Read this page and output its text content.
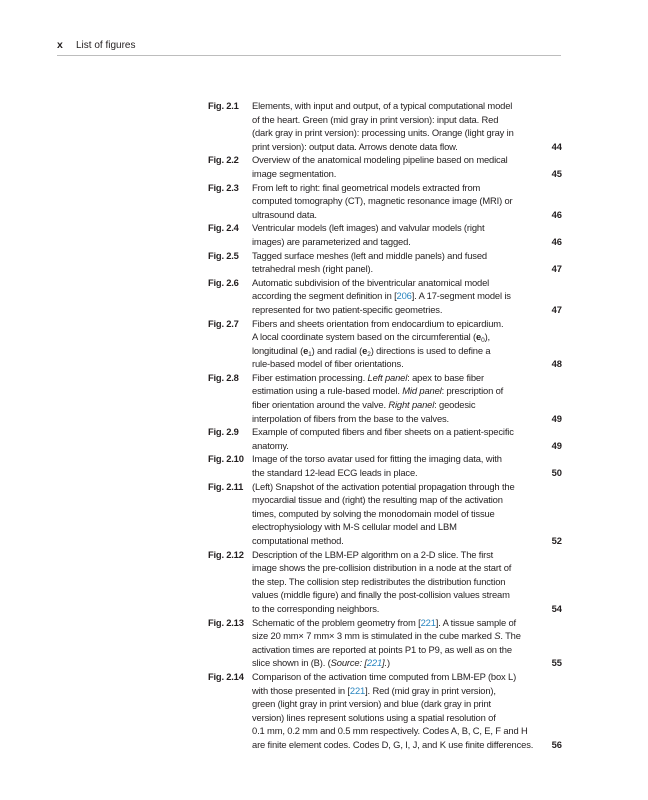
x List of figures
Fig. 2.1	Elements, with input and output, of a typical computational model
of the heart. Green (mid gray in print version): input data. Red
(dark gray in print version): processing units. Orange (light gray in
print version): output data. Arrows denote data flow.	44
Fig. 2.2	Overview of the anatomical modeling pipeline based on medical
image segmentation.	45
Fig. 2.3	From left to right: final geometrical models extracted from
computed tomography (CT), magnetic resonance image (MRI) or
ultrasound data.	46
Fig. 2.4	Ventricular models (left images) and valvular models (right
images) are parameterized and tagged.	46
Fig. 2.5	Tagged surface meshes (left and middle panels) and fused
tetrahedral mesh (right panel).	47
Fig. 2.6	Automatic subdivision of the biventricular anatomical model
according the segment definition in [206]. A 17-segment model is
represented for two patient-specific geometries.	47
Fig. 2.7	Fibers and sheets orientation from endocardium to epicardium.
A local coordinate system based on the circumferential $(e_0)$,
longitudinal $(e_1)$ and radial $(e_2)$ directions is used to define a
rule-based model of fiber orientations.	48
Fig. 2.8	Fiber estimation processing. Left panel: apex to base fiber
estimation using a rule-based model. Mid panel: prescription of
fiber orientation around the valve. Right panel: geodesic
interpolation of fibers from the base to the valves.	49
Fig. 2.9	Example of computed fibers and fiber sheets on a patient-specific
anatomy.	49
Fig. 2.10 Image of the torso avatar used for fitting the imaging data, with
the standard 12-lead ECG leads in place.	50
Fig. 2.11 (Left) Snapshot of the activation potential propagation through the
myocardial tissue and (right) the resulting map of the activation
times, computed by solving the monodomain model of tissue
electrophysiology with M-S cellular model and LBM
computational method.	52
Fig. 2.12 Description of the LBM-EP algorithm on a 2-D slice. The first
image shows the pre-collision distribution in a node at the start of
the step. The collision step redistributes the distribution function
values (middle figure) and finally the post-collision values stream
to the corresponding neighbors.	54
Fig. 2.13 Schematic of the problem geometry from [221]. A tissue sample of
size 20 mm× 7 mm× 3 mm is stimulated in the cube marked S. The
activation times are reported at points P1 to P9, as well as on the
slice shown in (B). (Source: [221].)	55
Fig. 2.14 Comparison of the activation time computed from LBM-EP (box L)
with those presented in [221]. Red (mid gray in print version),
green (light gray in print version) and blue (dark gray in print
version) lines represent solutions using a spatial resolution of
0.1 mm, 0.2 mm and 0.5 mm respectively. Codes A, B, C, E, F and H
are finite element codes. Codes D, G, I, J, and K use finite differences.	56
